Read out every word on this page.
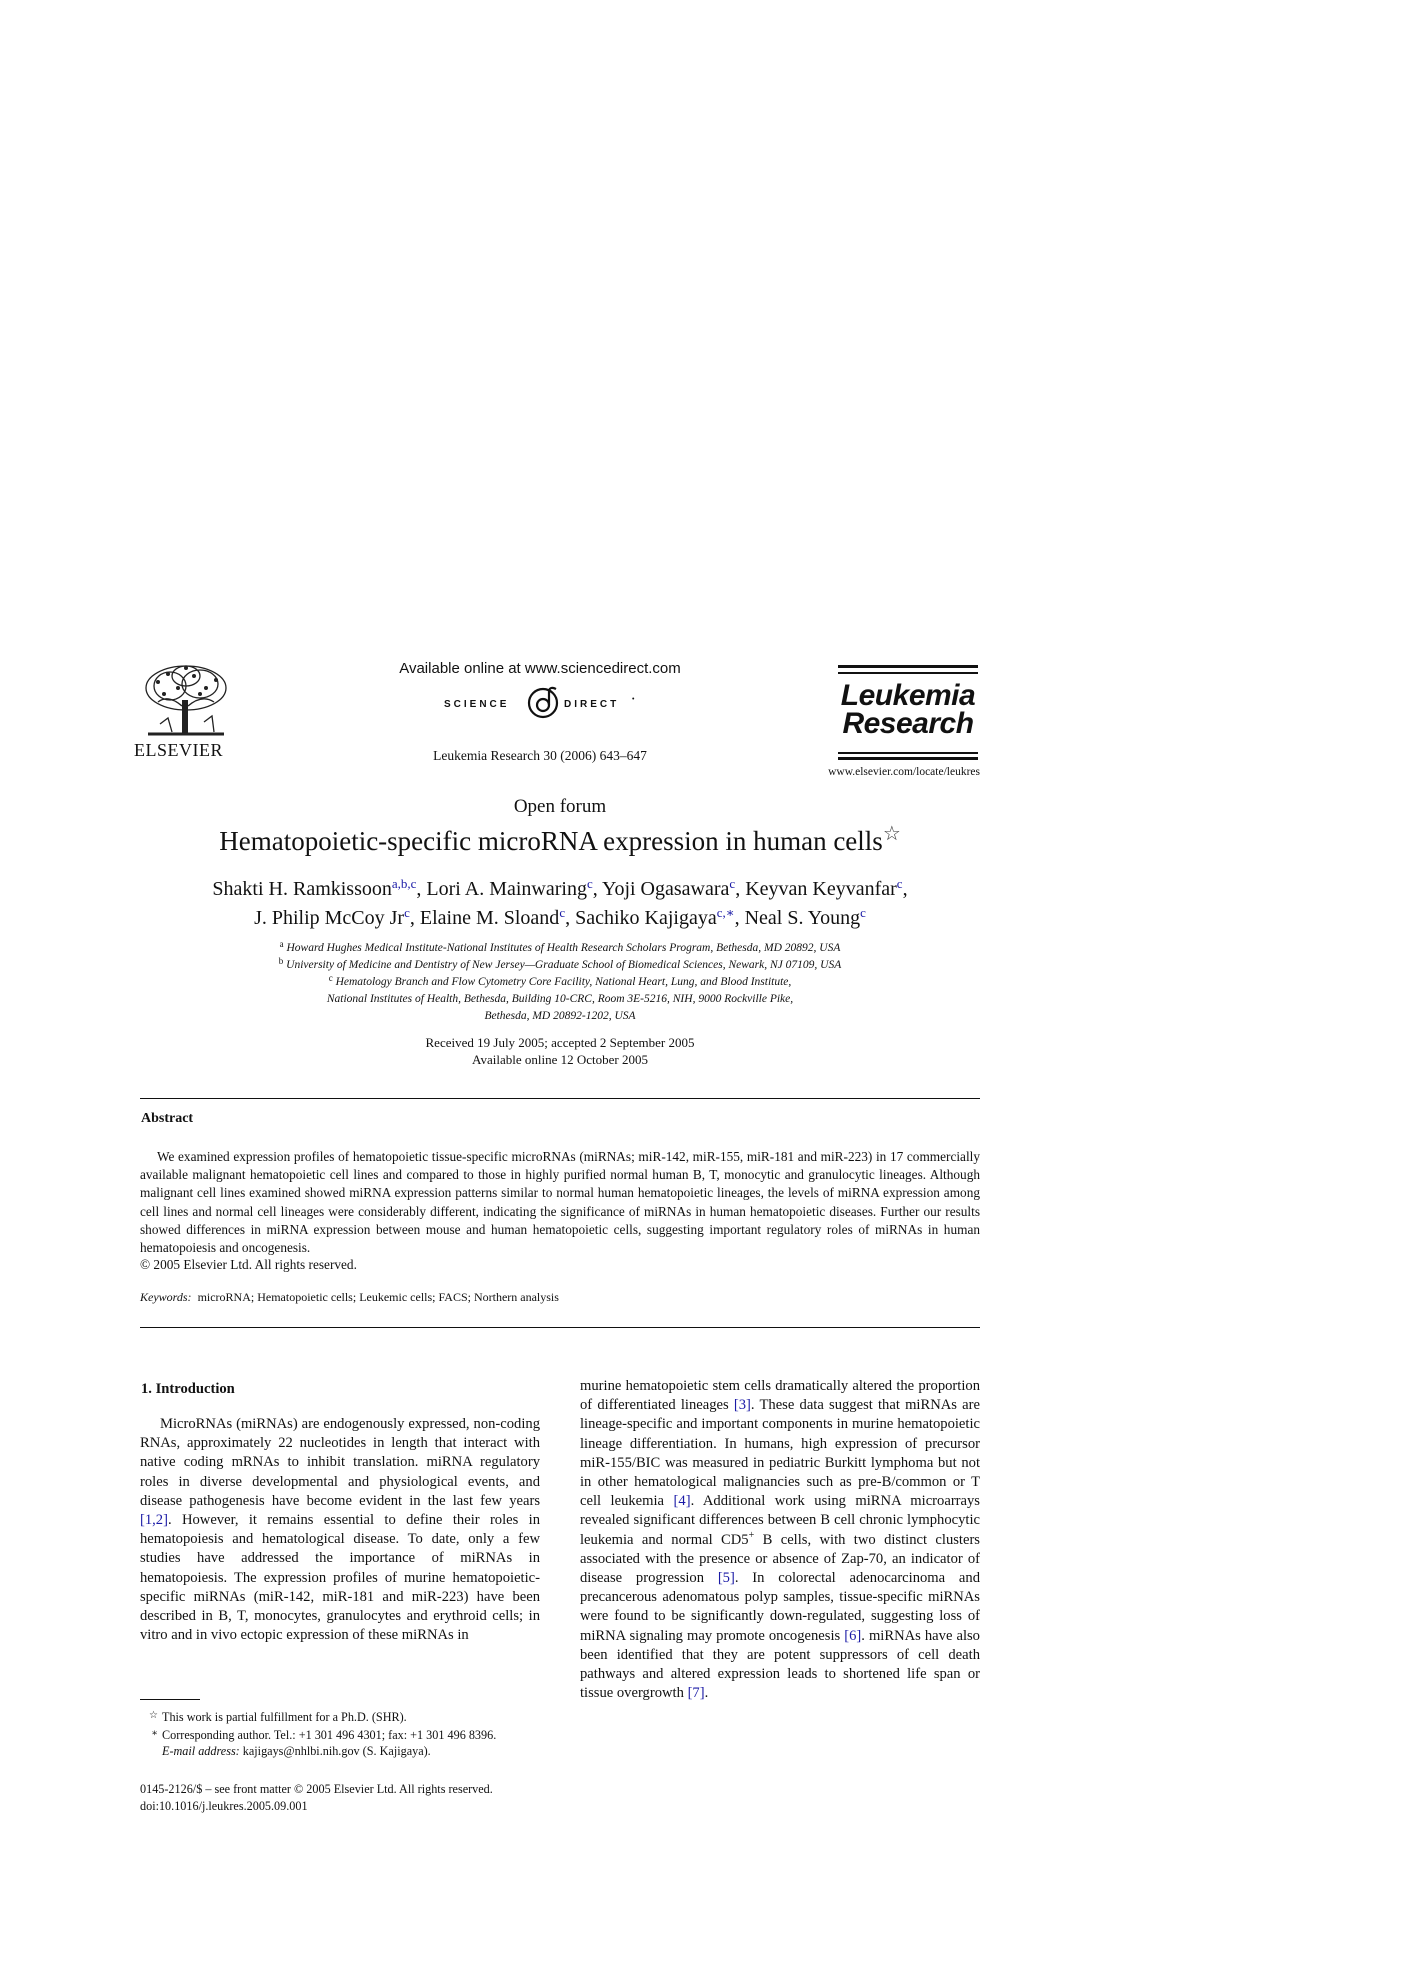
ELSEVIER
Available online at www.sciencedirect.com
SCIENCE	DIRECT •
Leukemia Research 30 (2006) 643–647
Leukemia
Research
www.elsevier.com/locate/leukres
Open forum
Hematopoietic-specific microRNA expression in human cells☆
Shakti H. Ramkissoon$^{a,b,c}$, Lori A. Mainwaring$^c$, Yoji Ogasawara$^c$, Keyvan Keyvanfar$^c$,
J. Philip McCoy Jr$^c$, Elaine M. Sloand$^c$, Sachiko Kajigaya$^{c,∗}$, Neal S. Young$^c$
$^a$ Howard Hughes Medical Institute-National Institutes of Health Research Scholars Program, Bethesda, MD 20892, USA
$^b$ University of Medicine and Dentistry of New Jersey—Graduate School of Biomedical Sciences, Newark, NJ 07109, USA
$^c$ Hematology Branch and Flow Cytometry Core Facility, National Heart, Lung, and Blood Institute,
National Institutes of Health, Bethesda, Building 10-CRC, Room 3E-5216, NIH, 9000 Rockville Pike,
Bethesda, MD 20892-1202, USA
Received 19 July 2005; accepted 2 September 2005
Available online 12 October 2005
Abstract
We examined expression profiles of hematopoietic tissue-specific microRNAs (miRNAs; miR-142, miR-155, miR-181 and miR-223) in 17 commercially available malignant hematopoietic cell lines and compared to those in highly purified normal human B, T, monocytic and granulocytic lineages. Although malignant cell lines examined showed miRNA expression patterns similar to normal human hematopoietic lineages, the levels of miRNA expression among cell lines and normal cell lineages were considerably different, indicating the significance of miRNAs in human hematopoietic diseases. Further our results showed differences in miRNA expression between mouse and human hematopoietic cells, suggesting important regulatory roles of miRNAs in human hematopoiesis and oncogenesis.
© 2005 Elsevier Ltd. All rights reserved.
Keywords: microRNA; Hematopoietic cells; Leukemic cells; FACS; Northern analysis
1. Introduction
MicroRNAs (miRNAs) are endogenously expressed, non-coding RNAs, approximately 22 nucleotides in length that interact with native coding mRNAs to inhibit translation. miRNA regulatory roles in diverse developmental and physiological events, and disease pathogenesis have become evident in the last few years [1,2]. However, it remains essential to define their roles in hematopoiesis and hematological disease. To date, only a few studies have addressed the importance of miRNAs in hematopoiesis. The expression profiles of murine hematopoietic-specific miRNAs (miR-142, miR-181 and miR-223) have been described in B, T, monocytes, granulocytes and erythroid cells; in vitro and in vivo ectopic expression of these miRNAs in
murine hematopoietic stem cells dramatically altered the proportion of differentiated lineages [3]. These data suggest that miRNAs are lineage-specific and important components in murine hematopoietic lineage differentiation. In humans, high expression of precursor miR-155/BIC was measured in pediatric Burkitt lymphoma but not in other hematological malignancies such as pre-B/common or T cell leukemia [4]. Additional work using miRNA microarrays revealed significant differences between B cell chronic lymphocytic leukemia and normal CD5+ B cells, with two distinct clusters associated with the presence or absence of Zap-70, an indicator of disease progression [5]. In colorectal adenocarcinoma and precancerous adenomatous polyp samples, tissue-specific miRNAs were found to be significantly down-regulated, suggesting loss of miRNA signaling may promote oncogenesis [6]. miRNAs have also been identified that they are potent suppressors of cell death pathways and altered expression leads to shortened life span or tissue overgrowth [7].
☆ This work is partial fulfillment for a Ph.D. (SHR).
∗ Corresponding author. Tel.: +1 301 496 4301; fax: +1 301 496 8396.
E-mail address: kajigays@nhlbi.nih.gov (S. Kajigaya).
0145-2126/$ – see front matter © 2005 Elsevier Ltd. All rights reserved.
doi:10.1016/j.leukres.2005.09.001
